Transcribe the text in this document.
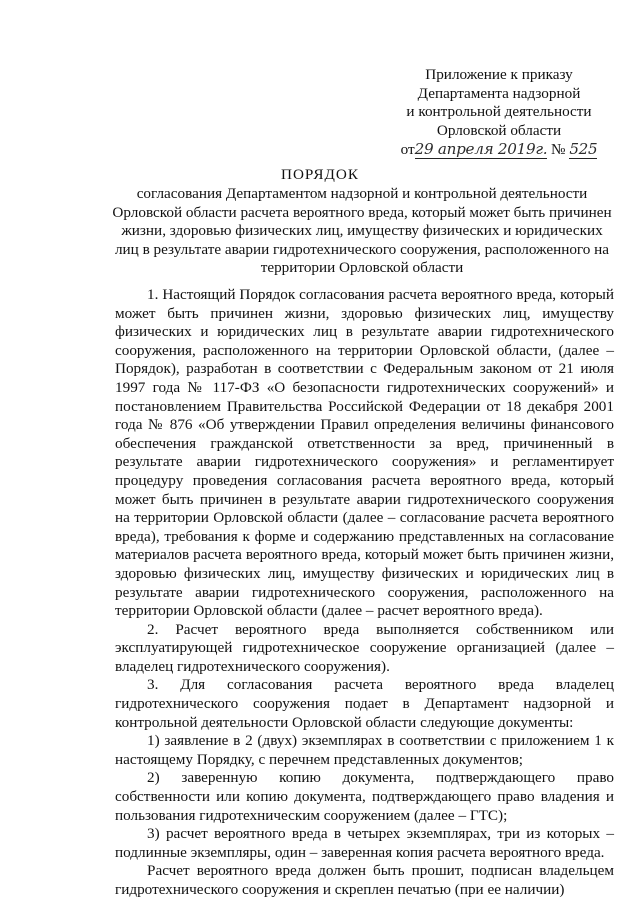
Приложение к приказу
Департамента надзорной
и контрольной деятельности
Орловской области
от29 апреля 2019г. № 525
ПОРЯДОК
согласования Департаментом надзорной и контрольной деятельности
Орловской области расчета вероятного вреда, который может быть причинен
жизни, здоровью физических лиц, имуществу физических и юридических
лиц в результате аварии гидротехнического сооружения, расположенного на
территории Орловской области

1. Настоящий Порядок согласования расчета вероятного вреда, который может быть причинен жизни, здоровью физических лиц, имуществу физических и юридических лиц в результате аварии гидротехнического сооружения, расположенного на территории Орловской области, (далее – Порядок), разработан в соответствии с Федеральным законом от 21 июля 1997 года № 117-ФЗ «О безопасности гидротехнических сооружений» и постановлением Правительства Российской Федерации от 18 декабря 2001 года № 876 «Об утверждении Правил определения величины финансового обеспечения гражданской ответственности за вред, причиненный в результате аварии гидротехнического сооружения» и регламентирует процедуру проведения согласования расчета вероятного вреда, который может быть причинен в результате аварии гидротехнического сооружения на территории Орловской области (далее – согласование расчета вероятного вреда), требования к форме и содержанию представленных на согласование материалов расчета вероятного вреда, который может быть причинен жизни, здоровью физических лиц, имуществу физических и юридических лиц в результате аварии гидротехнического сооружения, расположенного на территории Орловской области (далее – расчет вероятного вреда).

2. Расчет вероятного вреда выполняется собственником или эксплуатирующей гидротехническое сооружение организацией (далее – владелец гидротехнического сооружения).

3. Для согласования расчета вероятного вреда владелец гидротехнического сооружения подает в Департамент надзорной и контрольной деятельности Орловской области следующие документы:

1) заявление в 2 (двух) экземплярах в соответствии с приложением 1 к настоящему Порядку, с перечнем представленных документов;

2) заверенную копию документа, подтверждающего право собственности или копию документа, подтверждающего право владения и пользования гидротехническим сооружением (далее – ГТС);

3) расчет вероятного вреда в четырех экземплярах, три из которых – подлинные экземпляры, один – заверенная копия расчета вероятного вреда.

Расчет вероятного вреда должен быть прошит, подписан владельцем гидротехнического сооружения и скреплен печатью (при ее наличии)
